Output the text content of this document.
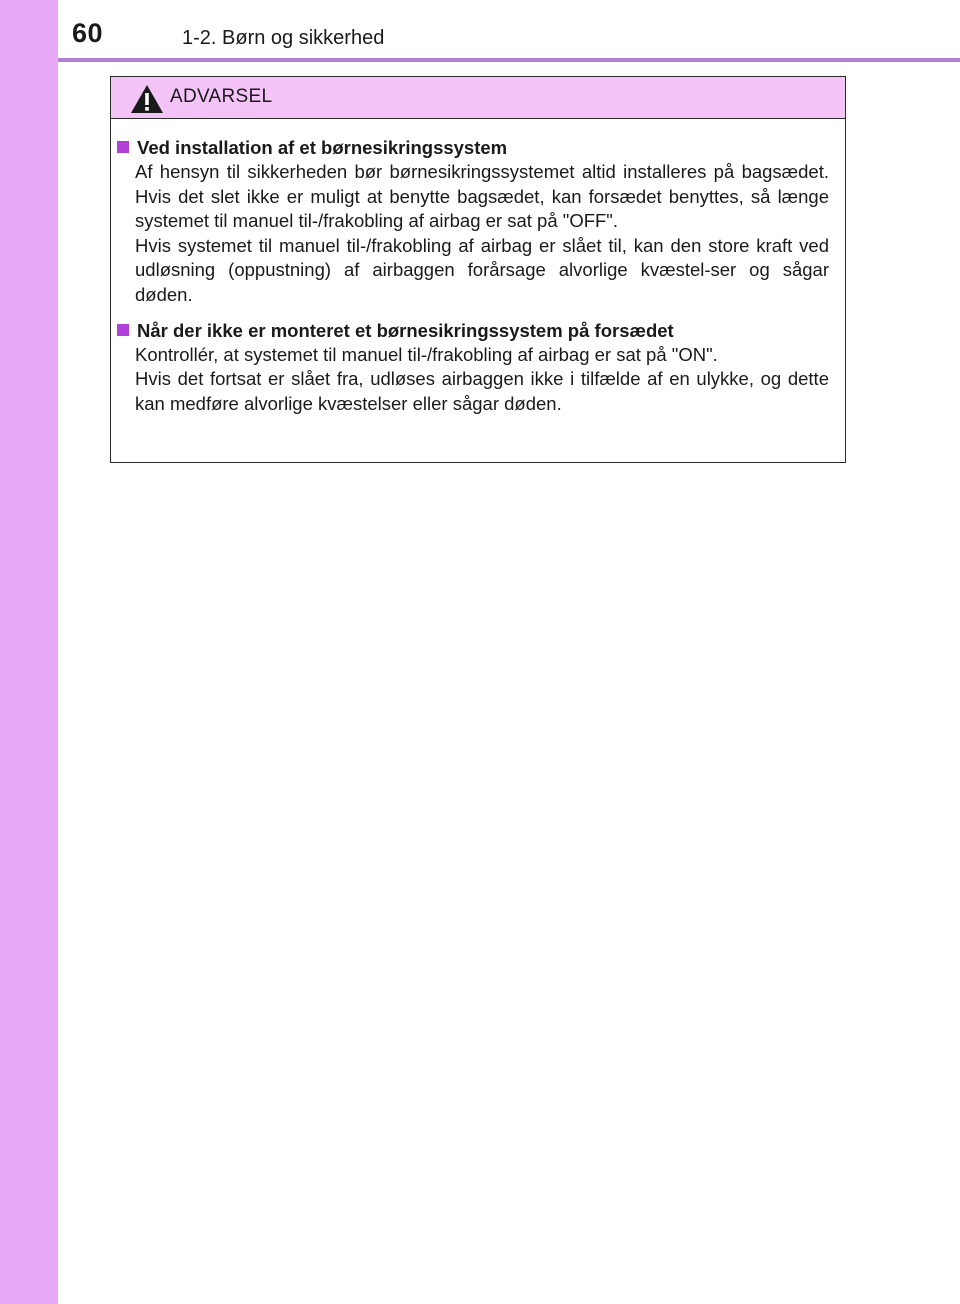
60	1-2. Børn og sikkerhed
ADVARSEL
Ved installation af et børnesikringssystem

Af hensyn til sikkerheden bør børnesikringssystemet altid installeres på bagsædet. Hvis det slet ikke er muligt at benytte bagsædet, kan forsædet benyttes, så længe systemet til manuel til-/frakobling af airbag er sat på "OFF".

Hvis systemet til manuel til-/frakobling af airbag er slået til, kan den store kraft ved udløsning (oppustning) af airbaggen forårsage alvorlige kvæstel-ser og sågar døden.

Når der ikke er monteret et børnesikringssystem på forsædet

Kontrollér, at systemet til manuel til-/frakobling af airbag er sat på "ON".

Hvis det fortsat er slået fra, udløses airbaggen ikke i tilfælde af en ulykke, og dette kan medføre alvorlige kvæstelser eller sågar døden.
